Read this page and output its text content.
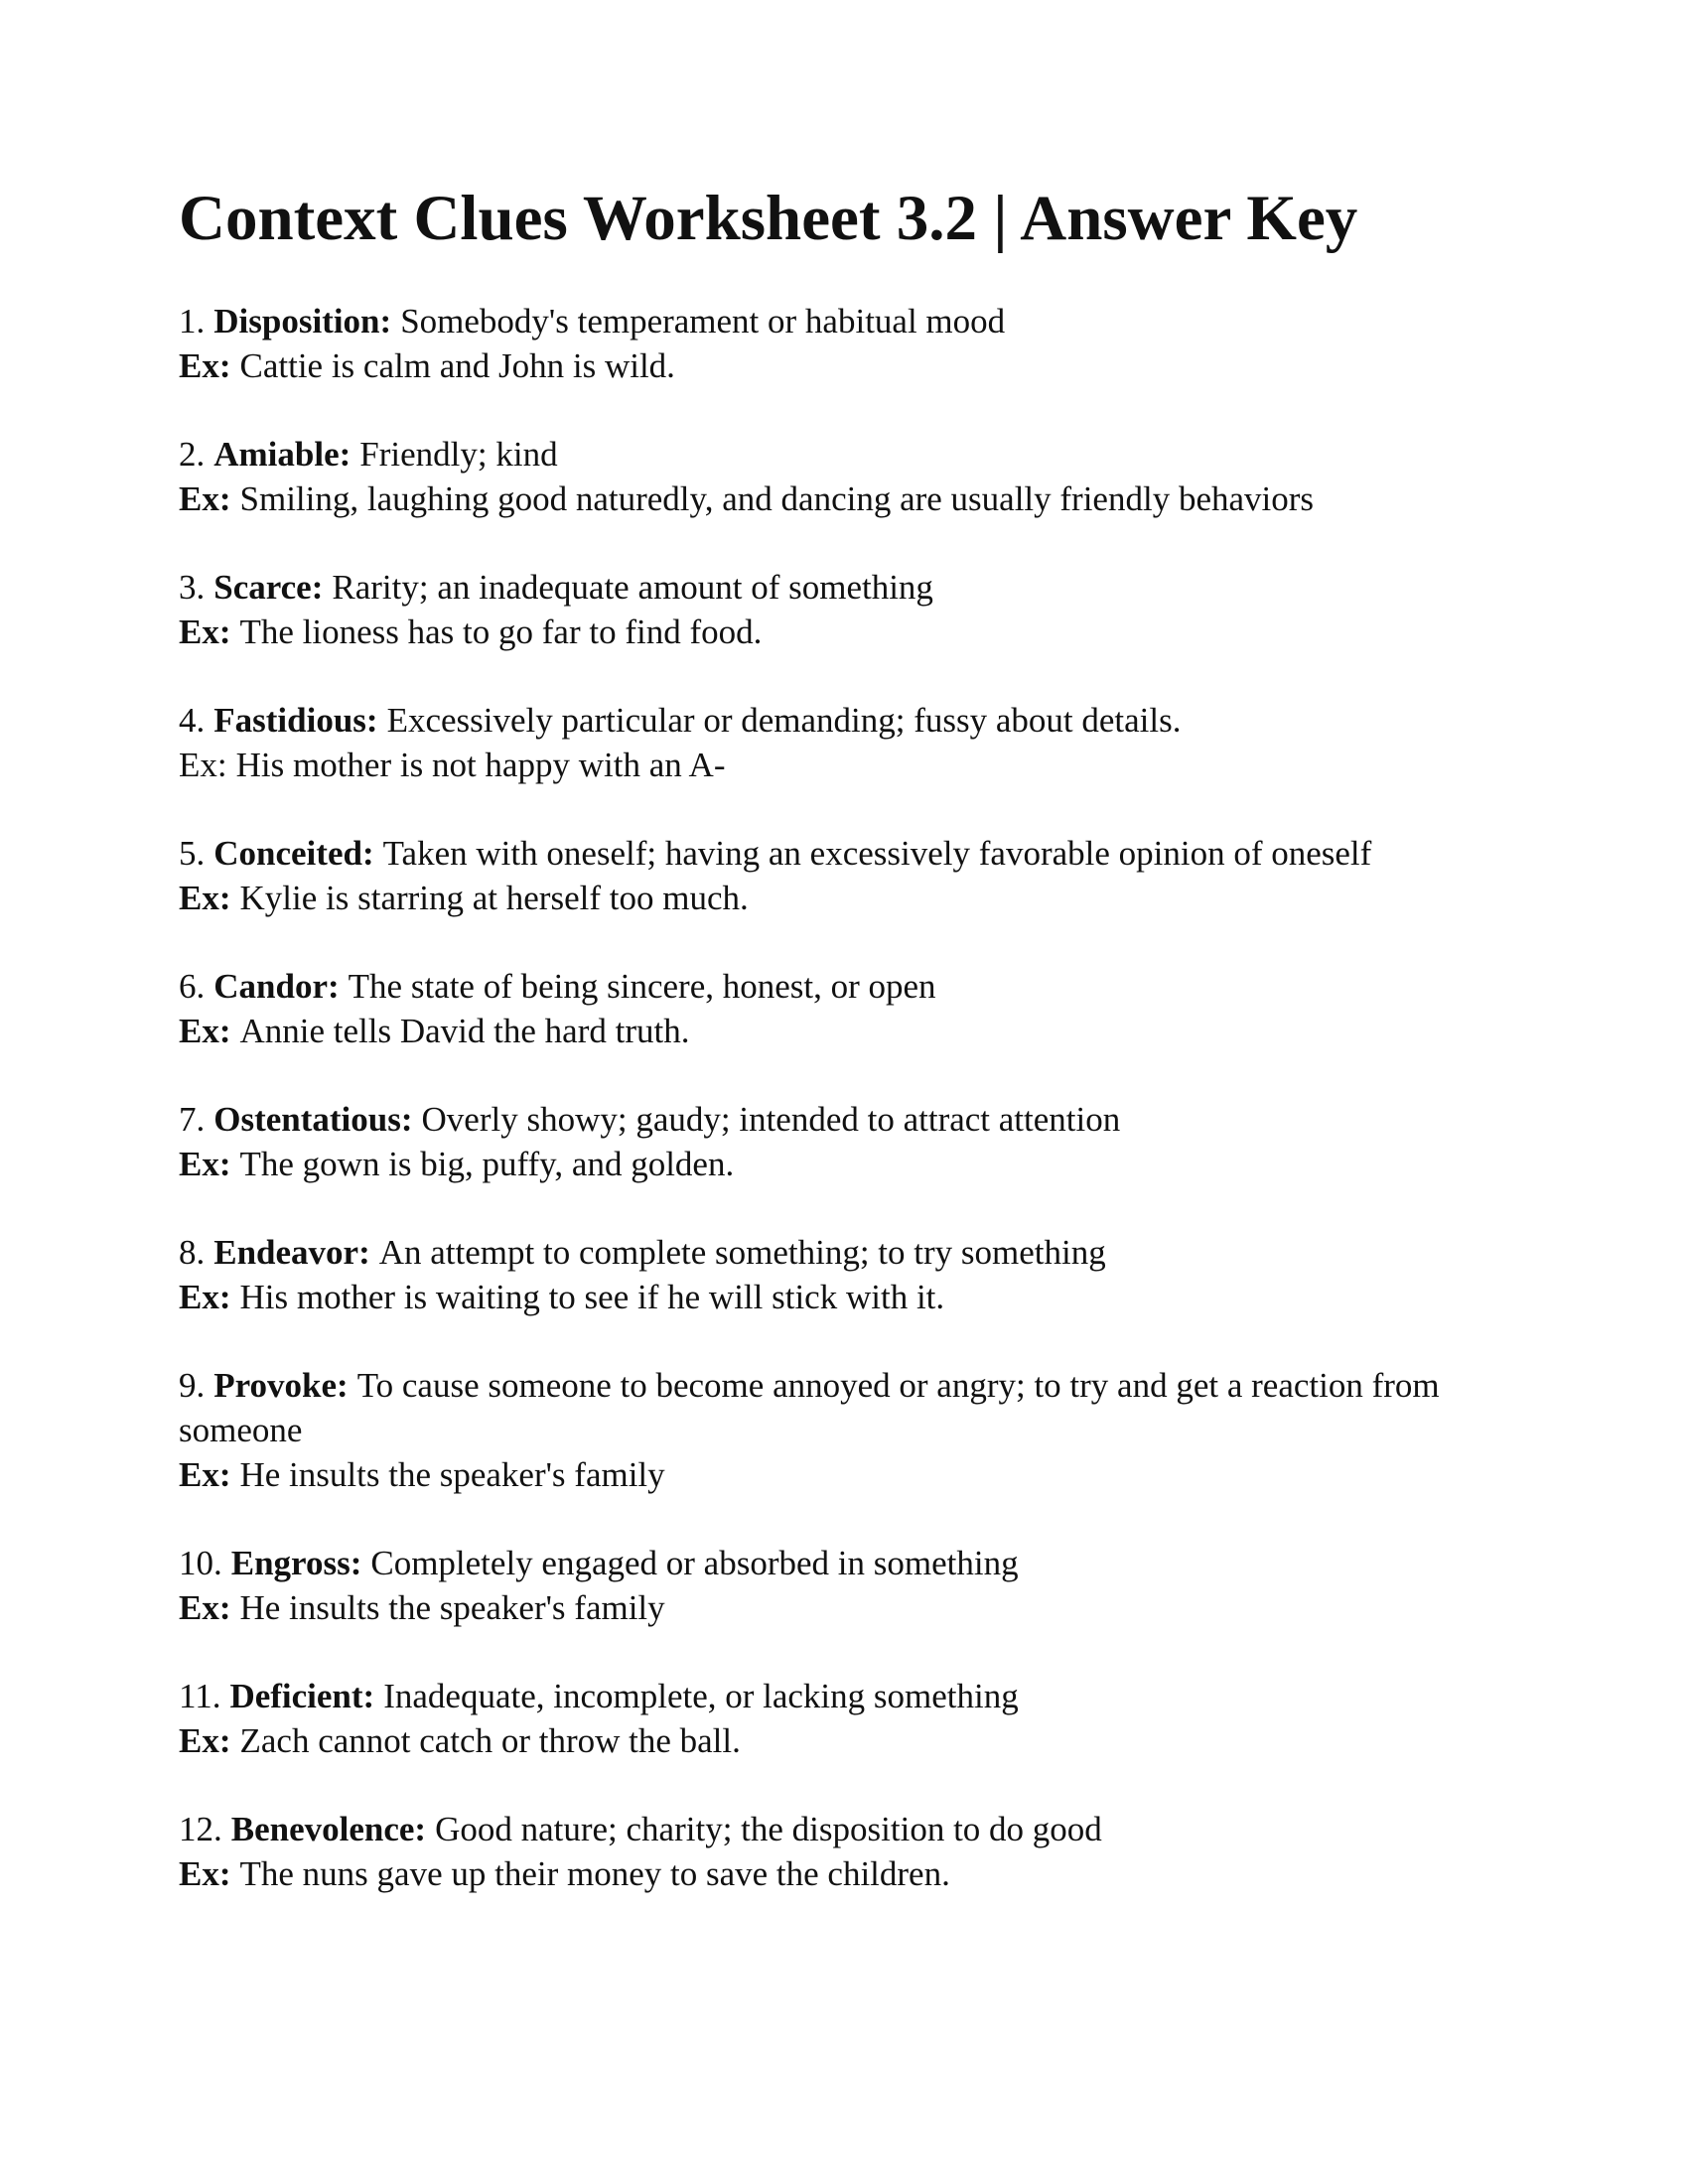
Context Clues Worksheet 3.2 | Answer Key
1. Disposition: Somebody's temperament or habitual mood
Ex: Cattie is calm and John is wild.
2. Amiable: Friendly; kind
Ex: Smiling, laughing good naturedly, and dancing are usually friendly behaviors
3. Scarce: Rarity; an inadequate amount of something
Ex: The lioness has to go far to find food.
4. Fastidious: Excessively particular or demanding; fussy about details.
Ex: His mother is not happy with an A-
5. Conceited: Taken with oneself; having an excessively favorable opinion of oneself
Ex: Kylie is starring at herself too much.
6. Candor: The state of being sincere, honest, or open
Ex: Annie tells David the hard truth.
7. Ostentatious: Overly showy; gaudy; intended to attract attention
Ex: The gown is big, puffy, and golden.
8. Endeavor: An attempt to complete something; to try something
Ex: His mother is waiting to see if he will stick with it.
9. Provoke: To cause someone to become annoyed or angry; to try and get a reaction from someone
Ex: He insults the speaker's family
10. Engross: Completely engaged or absorbed in something
Ex: He insults the speaker's family
11. Deficient: Inadequate, incomplete, or lacking something
Ex: Zach cannot catch or throw the ball.
12. Benevolence: Good nature; charity; the disposition to do good
Ex: The nuns gave up their money to save the children.
